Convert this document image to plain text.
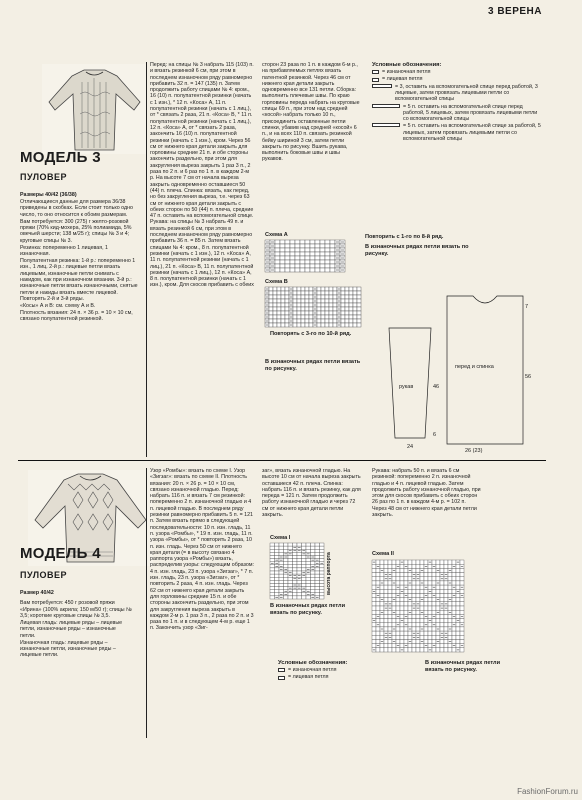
3 ВЕРЕНА
МОДЕЛЬ 3
ПУЛОВЕР

Размеры 40/42 (36/38)

Отличающиеся данные для размера 36/38 приведены в скобках. Если стоит только одно число, то оно относится к обоим размерам.

Вам потребуется: 300 (275) г желто-розовой пряжи (70% кид-мохера, 25% полиамида, 5% овечьей шерсти; 138 м/25 г); спицы № 3 и 4; круговые спицы № 3.

Резинка: попеременно 1 лицевая, 1 изнаночная.

Полупатентная резинка: 1-й р.: попеременно 1 изн., 1 лиц. 2-й р.: лицевые петли вязать лицевыми, изнаночные петли снимать с накидом, как при изнаночном вязании. 3-й р.: изнаночные петли вязать изнаночными, снятые петли и накиды вязать вместе лицевой. Повторять 2-й и 3-й ряды.

«Косы» А и В: см. схему А и В.

Плотность вязания: 24 п. × 36 р. = 10 × 10 см, связано полупатентной резинкой.

Перед: на спицы № 3 набрать 115 (103) п. и вязать резинкой 6 см, при этом в последнем изнаночном ряду равномерно прибавить 32 п. = 147 (135) п. Затем продолжить работу спицами № 4: кром., 16 (10) п. полупатентной резинки (начать с 1 изн.), * 12 п. «Коса» А, 11 п. полупатентной резинки (начать с 1 лиц.), от * связать 2 раза, 21 п. «Коса» В, * 11 п. полупатентной резинки (начать с 1 лиц.), 12 п. «Коса» А, от * связать 2 раза, закончить 16 (10) п. полупатентной резинки (начать с 1 изн.), кром. Через 56 см от нижнего края детали закрыть для горловины средние 21 п. и обе стороны закончить раздельно, при этом для закругления выреза закрыть 1 раз 3 п., 2 раза по 2 п. и 6 раз по 1 п. в каждом 2-м р. На высоте 7 см от начала выреза закрыть одновременно оставшиеся 50 (44) п. плеча. Спинка: вязать, как перед, но без закругления выреза, т.е. через 63 см от нижнего края детали закрыть с обеих сторон по 50 (44) п. плеча, средние 47 п. оставить на вспомогательной спице. Рукава: на спицы № 3 набрать 49 п. и вязать резинкой 6 см, при этом в последнем изнаночном ряду равномерно прибавить 36 п. = 85 п. Затем вязать спицами № 4: кром., 8 п. полупатентной резинки (начать с 1 изн.), 12 п. «Коса» А, 11 п. полупатентной резинки (начать с 1 лиц.), 21 п. «Коса» В, 11 п. полупатентной резинки (начать с 1 лиц.), 12 п. «Коса» А, 8 п. полупатентной резинки (начать с 1 изн.), кром. Для скосов прибавить с обеих
сторон 23 раза по 1 п. в каждом 6-м р., на прибавляемых петлях вязать патентной резинкой. Через 46 см от нижнего края детали закрыть одновременно все 131 петли. Сборка: выполнить плечевые швы. По краю горловины переда набрать на круговые спицы 69 п., при этом над средней «косой» набрать только 10 п., присоединить оставленные петли спинки, убавив над средней «косой» 6 п., и на всех 110 п. связать резинкой бейку шириной 3 см, затем петли закрыть по рисунку. Вшить рукава, выполнить боковые швы и швы рукавов.

Условные обозначения:

= изнаночная петля
= лицевая петля
= 3, оставить на вспомогательной спице перед работой, 3 лицевые, затем провязать лицевыми петли со вспомогательной спицы
= 5 п. оставить на вспомогательной спице перед работой, 5 лицевых, затем провязать лицевыми петли со вспомогательной спицы
= 5 п. оставить на вспомогательной спице за работой, 5 лицевых, затем провязать лицевыми петли со вспомогательной спицы
Схема А	Повторить с 1-го по 8-й ряд.
В изнаночных рядах петли вязать по рисунку.
Схема В
Повторять с 3-го по 10-й ряд.
В изнаночных рядах петли вязать по рисунку.	перед и спинка
рукав
56
7
26 (23)
46
24
6
МОДЕЛЬ 4
ПУЛОВЕР

Размер 40/42

Вам потребуется: 450 г розовой пряжи «Ирина» (100% акрила; 150 м/50 г); спицы № 3,5; короткие круговые спицы № 3,5.

Лицевая гладь: лицевые ряды – лицевые петли, изнаночные ряды – изнаночные петли.

Изнаночная гладь: лицевые ряды – изнаночные петли, изнаночные ряды – лицевые петли.

Узор «Ромбы»: вязать по схеме I. Узор «Зигзаг»: вязать по схеме II. Плотность вязания: 20 п. × 26 р. = 10 × 10 см, связано изнаночной гладью. Перед: набрать 116 п. и вязать 7 см резинкой: попеременно 2 п. изнаночной гладью и 4 п. лицевой гладью. В последнем ряду резинки равномерно прибавить 5 п. = 121 п. Затем вязать прямо в следующей последовательности: 10 п. изн. гладь, 11 п. узора «Ромбы», * 19 п. изн. гладь, 11 п. узора «Ромбы», от * повторить 2 раза, 10 п. изн. гладь. Через 50 см от нижнего края детали (= в высоту связано 4 раппорта узора «Ромбы») вязать, распределив узоры: следующим образом: 4 п. изн. гладь, 23 п. узора «Зигзаг», * 7 п. изн. гладь, 23 п. узора «Зигзаг», от * повторить 2 раза, 4 п. изн. гладь. Через 62 см от нижнего края детали закрыть для горловины средние 15 п. и обе стороны закончить раздельно, при этом для закругления выреза закрыть в каждом 2-м р. 1 раз 3 п., 2 раза по 2 п. и 3 раза по 1 п. и в следующем 4-м р. еще 1 п. Закончить узор «Зиг-
заг», вязать изнаночной гладью. На высоте 10 см от начала выреза закрыть оставшиеся 42 п. плеча. Спинка: набрать 116 п. и вязать резинку, как для переда = 121 п. Затем продолжить работу изнаночной гладью и через 72 см от нижнего края детали петли закрыть.
Рукава: набрать 50 п. и вязать 6 см резинкой: попеременно 2 п. изнаночной гладью и 4 п. лицевой гладью. Затем продолжить работу изнаночной гладью, при этом для скосов прибавить с обеих сторон 26 раз по 1 п. в каждом 4-м р. = 102 п. Через 48 см от нижнего края детали петли закрыть.
Схема I
высота раппорта
В изнаночных рядах петли вязать по рисунку.
Схема II
В изнаночных рядах петли вязать по рисунку.

Условные обозначения:

= изнаночная петля
= лицевая петля
FashionForum.ru
